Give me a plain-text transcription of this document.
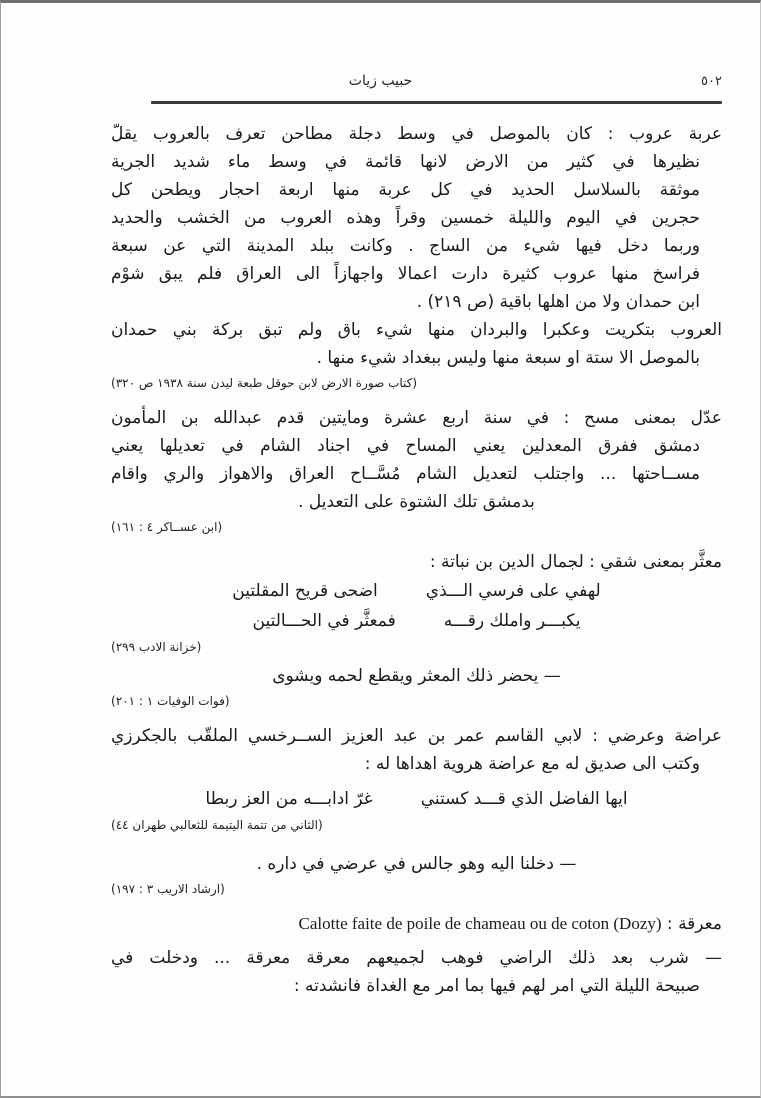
٥٠٢
حبيب زيات
عربة عروب : كان بالموصل في وسط دجلة مطاحن تعرف بالعروب يقلّ
نظيرها في كثير من الارض لانها قائمة في وسط ماء شديد الجرية
موثقة بالسلاسل الحديد في كل عربة منها اربعة احجار ويطحن كل
حجرين في اليوم والليلة خمسين وقراً وهذه العروب من الخشب والحديد
وربما دخل فيها شيء من الساج . وكانت ببلد المدينة التي عن سبعة
فراسخ منها عروب كثيرة دارت اعمالا واجهازاً الى العراق فلم يبق شوْم
ابن حمدان ولا من اهلها باقية (ص ٢١٩) .
العروب بتكريت وعكبرا والبردان منها شيء باق ولم تبق بركة بني حمدان
بالموصل الا ستة او سبعة منها وليس ببغداد شيء منها .
(كتاب صورة الارض لابن حوقل طبعة ليدن سنة ١٩٣٨ ص ٣٢٠)
عدّل بمعنى مسح : في سنة اربع عشرة ومايتين قدم عبدالله بن المأمون
دمشق ففرق المعدلين يعني المساح في اجناد الشام في تعديلها يعني
مســاحتها ... واجتلب لتعديل الشام مُسَّــاح العراق والاهواز والري واقام
بدمشق تلك الشتوة على التعديل .
(ابن عســاكر ٤ : ١٦١)
معثَّر بمعنى شقي : لجمال الدين بن نباتة :
لهفي على فرسي الـــذي
اضحى قريح المقلتين
يكبـــر واملك رقـــه
فمعثَّر في الحـــالتين
(خزانة الادب ٢٩٩)
— يحضر ذلك المعثر ويقطع لحمه ويشوى
(فوات الوفيات ١ : ٢٠١)
عراضة وعرضي : لابي القاسم عمر بن عبد العزيز الســرخسي الملقّب بالجكرزي
وكتب الى صديق له مع عراضة هروية اهداها له :
ايها الفاضل الذي قـــد كستني
غرّ ادابـــه من العز ربطا
(الثاني من تتمة اليتيمة للثعالبي طهران ٤٤)
— دخلنا اليه وهو جالس في عرضي في داره .
(ارشاد الاريب ٣ : ١٩٧)
معرقة : Calotte faite de poile de chameau ou de coton (Dozy)
— شرب بعد ذلك الراضي فوهب لجميعهم معرقة معرقة ... ودخلت في
صبيحة الليلة التي امر لهم فيها بما امر مع الغداة فانشدته :
